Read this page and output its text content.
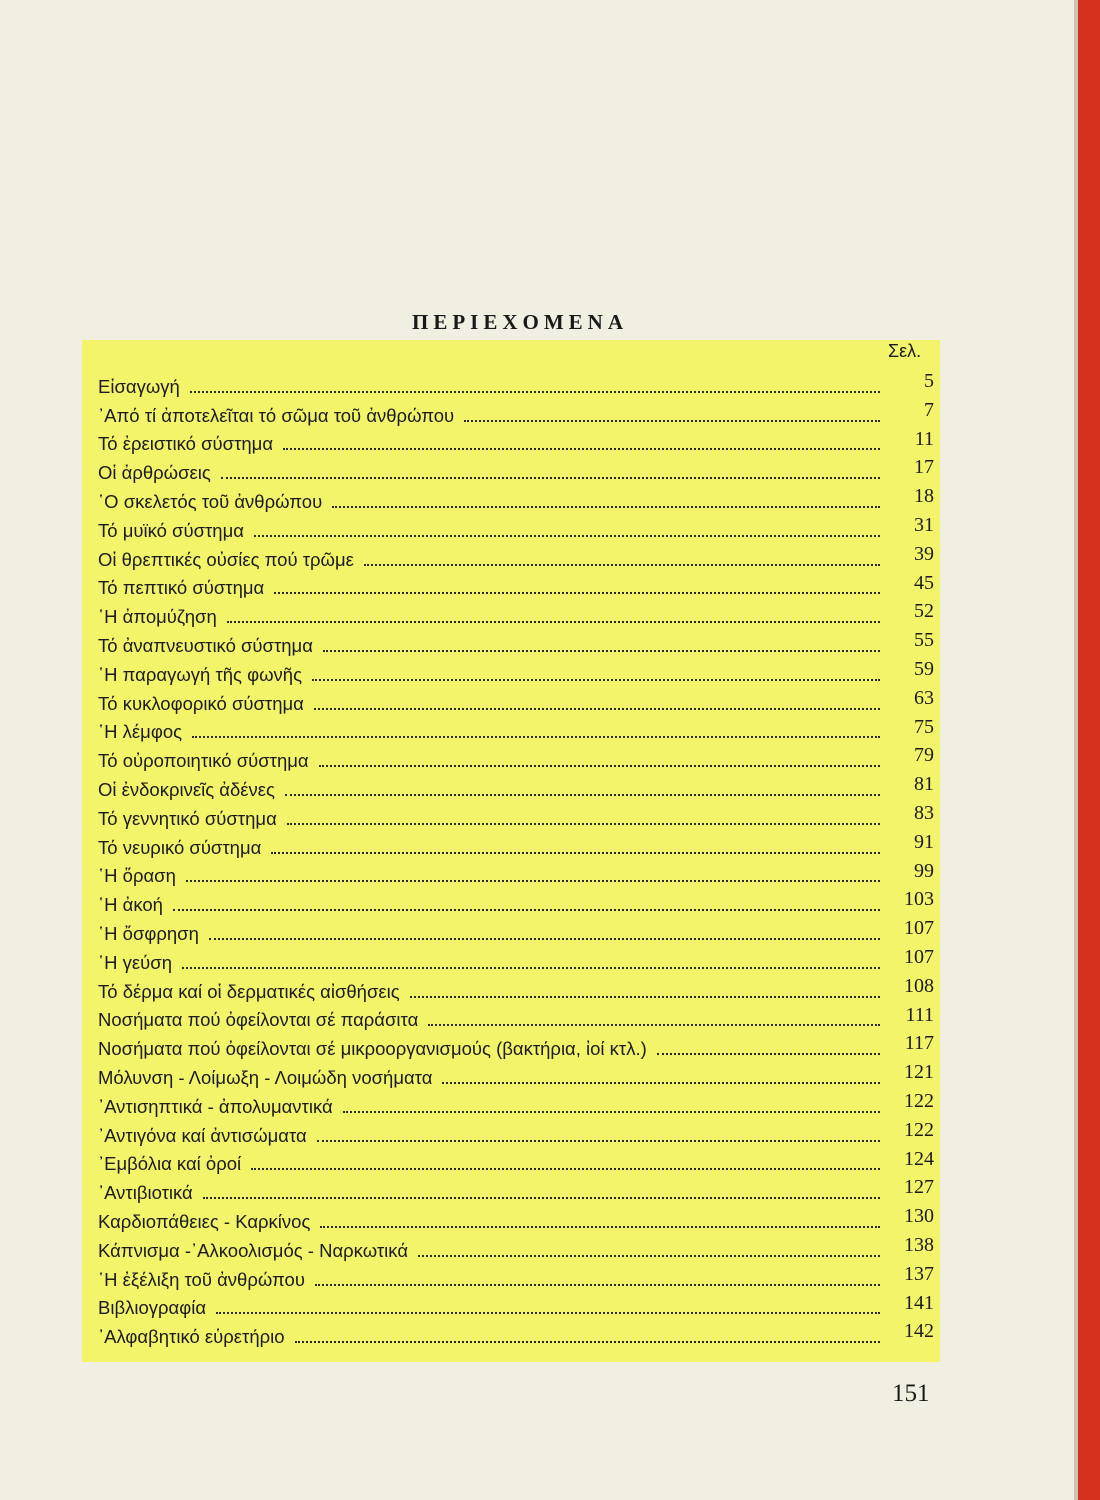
ΠΕΡΙΕΧΟΜΕΝΑ
Σελ.
Εἰσαγωγή	5
᾿Από τί ἀποτελεῖται τό σῶμα τοῦ ἀνθρώπου	7
Τό ἐρειστικό σύστημα	11
Οἱ ἀρθρώσεις	17
῾Ο σκελετός τοῦ ἀνθρώπου	18
Τό μυϊκό σύστημα	31
Οἱ θρεπτικές οὐσίες πού τρῶμε	39
Τό πεπτικό σύστημα	45
῾Η ἀπομύζηση	52
Τό ἀναπνευστικό σύστημα	55
῾Η παραγωγή τῆς φωνῆς	59
Τό κυκλοφορικό σύστημα	63
῾Η λέμφος	75
Τό οὐροποιητικό σύστημα	79
Οἱ ἐνδοκρινεῖς ἀδένες	81
Τό γεννητικό σύστημα	83
Τό νευρικό σύστημα	91
῾Η ὅραση	99
῾Η ἀκοή	103
῾Η ὄσφρηση	107
῾Η γεύση	107
Τό δέρμα καί οἱ δερματικές αἰσθήσεις	108
Νοσήματα πού ὀφείλονται σέ παράσιτα	111
Νοσήματα πού ὀφείλονται σέ μικροοργανισμούς (βακτήρια, ἰοί κτλ.)	117
Μόλυνση - Λοίμωξη - Λοιμώδη νοσήματα	121
᾿Αντισηπτικά - ἀπολυμαντικά	122
᾿Αντιγόνα καί ἀντισώματα	122
᾿Εμβόλια καί ὀροί	124
᾿Αντιβιοτικά	127
Καρδιοπάθειες - Καρκίνος	130
Κάπνισμα -᾿Αλκοολισμός - Ναρκωτικά	138
῾Η ἐξέλιξη τοῦ ἀνθρώπου	137
Βιβλιογραφία	141
᾿Αλφαβητικό εὑρετήριο	142
151
